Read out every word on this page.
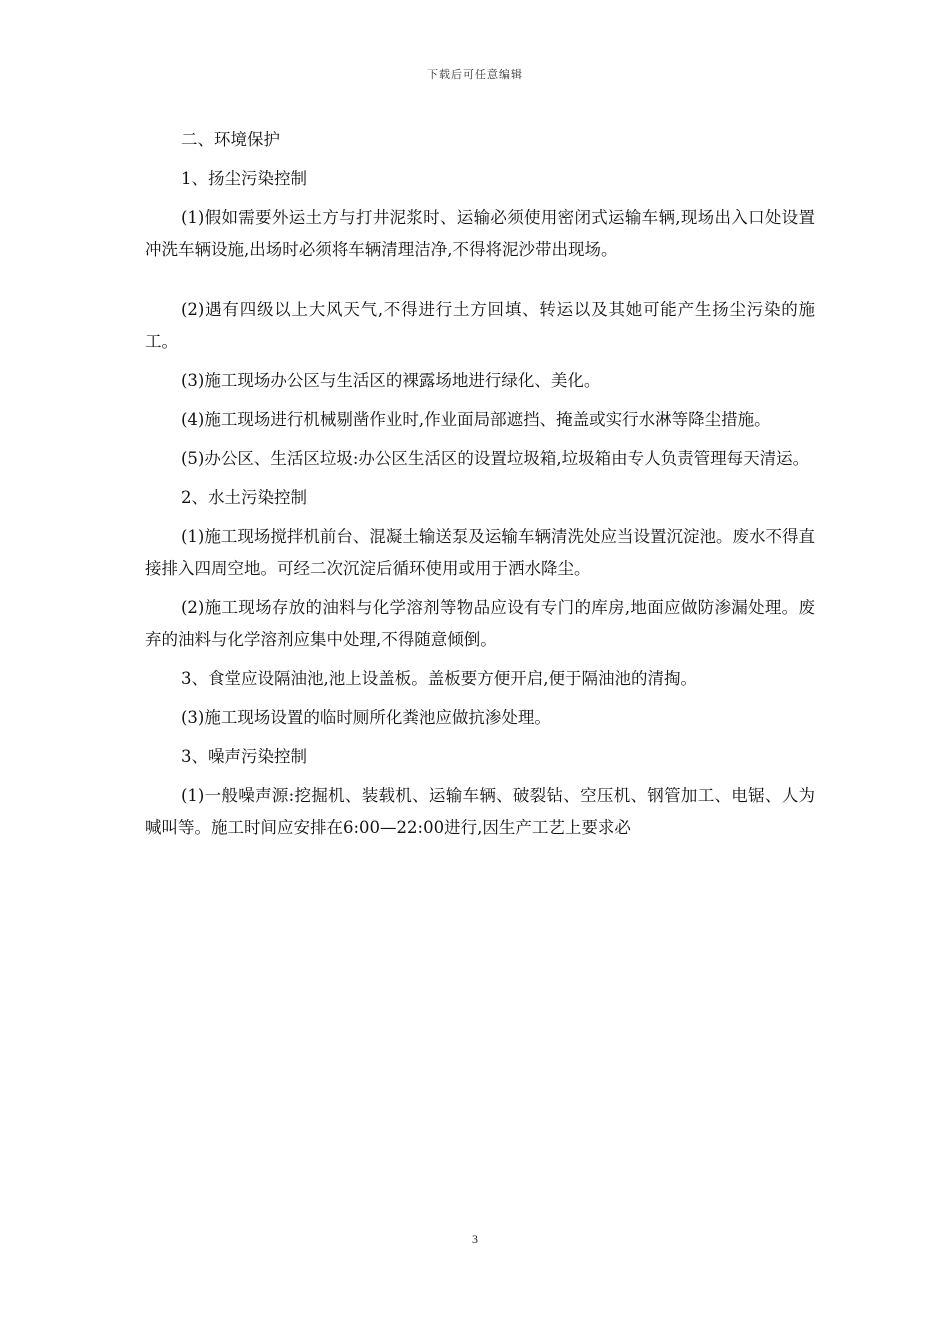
下载后可任意编辑

二、环境保护

1、扬尘污染控制

(1)假如需要外运土方与打井泥浆时、运输必须使用密闭式运输车辆,现场出入口处设置冲洗车辆设施,出场时必须将车辆清理洁净,不得将泥沙带出现场。

(2)遇有四级以上大风天气,不得进行土方回填、转运以及其她可能产生扬尘污染的施工。

(3)施工现场办公区与生活区的裸露场地进行绿化、美化。

(4)施工现场进行机械剔凿作业时,作业面局部遮挡、掩盖或实行水淋等降尘措施。

(5)办公区、生活区垃圾:办公区生活区的设置垃圾箱,垃圾箱由专人负责管理每天清运。

2、水土污染控制

(1)施工现场搅拌机前台、混凝土输送泵及运输车辆清洗处应当设置沉淀池。废水不得直接排入四周空地。可经二次沉淀后循环使用或用于洒水降尘。

(2)施工现场存放的油料与化学溶剂等物品应设有专门的库房,地面应做防渗漏处理。废弃的油料与化学溶剂应集中处理,不得随意倾倒。

3、食堂应设隔油池,池上设盖板。盖板要方便开启,便于隔油池的清掏。

(3)施工现场设置的临时厕所化粪池应做抗渗处理。

3、噪声污染控制

(1)一般噪声源:挖掘机、装载机、运输车辆、破裂钻、空压机、钢管加工、电锯、人为喊叫等。施工时间应安排在6:00—22:00进行,因生产工艺上要求必

3
